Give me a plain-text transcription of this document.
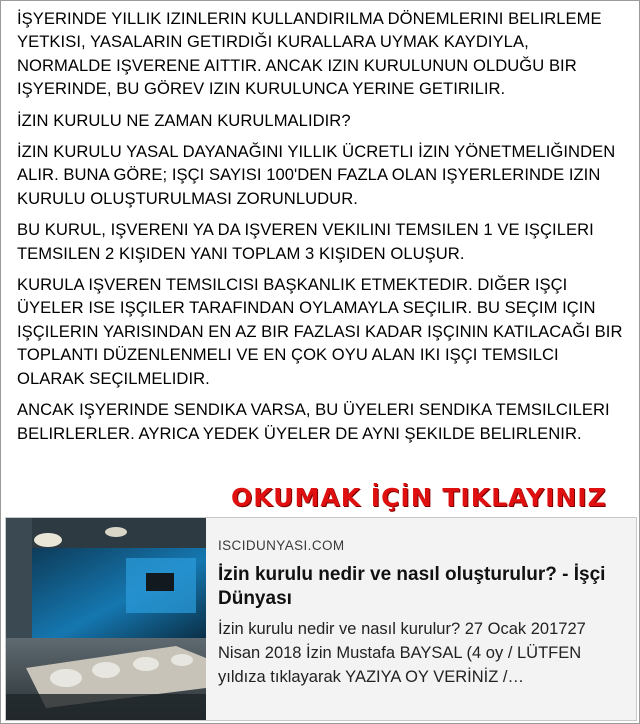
İŞYERINDE YILLIK IZINLERIN KULLANDIRILMA DÖNEMLERINI BELIRLEME YETKISI, YASALARIN GETIRDIĞI KURALLARA UYMAK KAYDIYLA, NORMALDE IŞVERENE AITTIR. ANCAK IZIN KURULUNUN OLDUĞU BIR IŞYERINDE, BU GÖREV IZIN KURULUNCA YERINE GETIRILIR.

İZIN KURULU NE ZAMAN KURULMALIDIR?

İZIN KURULU YASAL DAYANAĞINI YILLIK ÜCRETLI İZIN YÖNETMELIĞINDEN ALIR. BUNA GÖRE; IŞÇI SAYISI 100'DEN FAZLA OLAN IŞYERLERINDE IZIN KURULU OLUŞTURULMASI ZORUNLUDUR.

BU KURUL, IŞVERENI YA DA IŞVEREN VEKILINI TEMSILEN 1 VE IŞÇILERI TEMSILEN 2 KIŞIDEN YANI TOPLAM 3 KIŞIDEN OLUŞUR.

KURULA IŞVEREN TEMSILCISI BAŞKANLIK ETMEKTEDIR. DIĞER IŞÇI ÜYELER ISE IŞÇILER TARAFINDAN OYLAMAYLA SEÇILIR. BU SEÇIM IÇIN IŞÇILERIN YARISINDAN EN AZ BIR FAZLASI KADAR IŞÇININ KATILACAĞI BIR TOPLANTI DÜZENLENMELI VE EN ÇOK OYU ALAN IKI IŞÇI TEMSILCI OLARAK SEÇILMELIDIR.

ANCAK IŞYERINDE SENDIKA VARSA, BU ÜYELERI SENDIKA TEMSILCILERI BELIRLERLER. AYRICA YEDEK ÜYELER DE AYNI ŞEKILDE BELIRLENIR.

OKUMAK İÇİN TIKLAYINIZ
ISCIDUNYASI.COM
İzin kurulu nedir ve nasıl oluşturulur? - İşçi Dünyası
İzin kurulu nedir ve nasıl kurulur? 27 Ocak 201727 Nisan 2018 İzin Mustafa BAYSAL (4 oy / LÜTFEN yıldıza tıklayarak YAZIYA OY VERİNİZ /…
